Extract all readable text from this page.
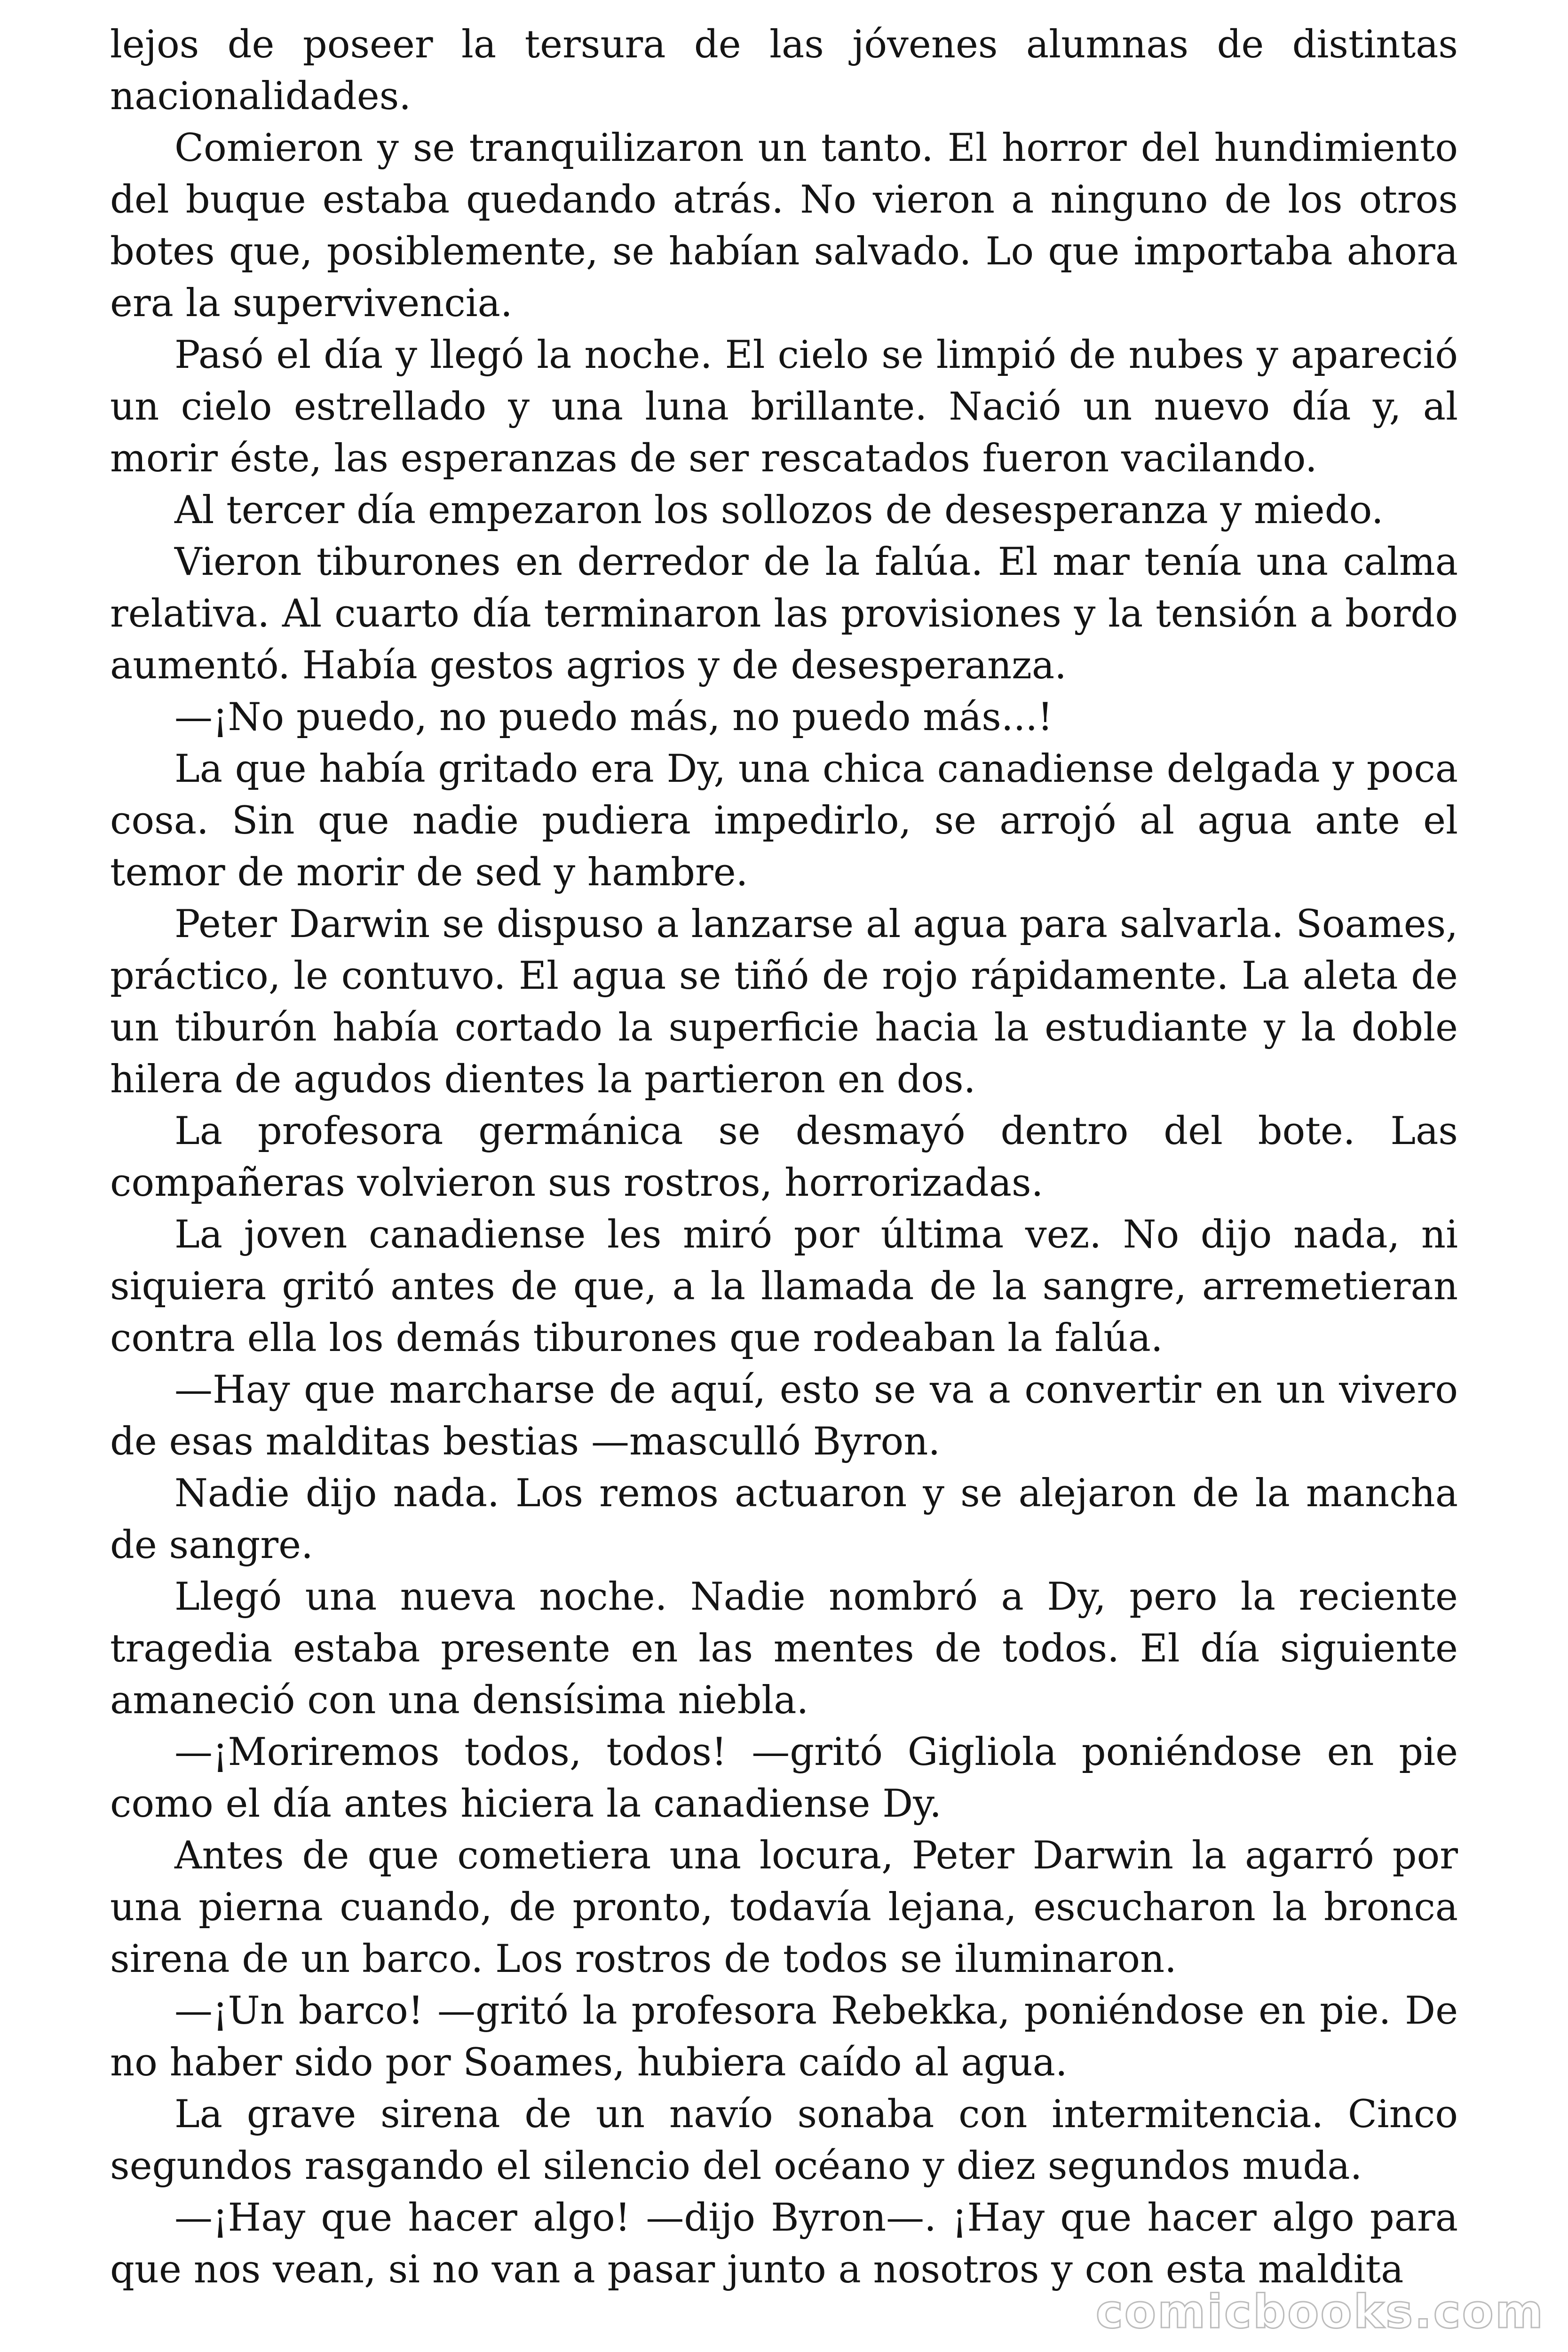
lejos de poseer la tersura de las jóvenes alumnas de distintas nacionalidades.

Comieron y se tranquilizaron un tanto. El horror del hundimiento del buque estaba quedando atrás. No vieron a ninguno de los otros botes que, posiblemente, se habían salvado. Lo que importaba ahora era la supervivencia.

Pasó el día y llegó la noche. El cielo se limpió de nubes y apareció un cielo estrellado y una luna brillante. Nació un nuevo día y, al morir éste, las esperanzas de ser rescatados fueron vacilando.

Al tercer día empezaron los sollozos de desesperanza y miedo.

Vieron tiburones en derredor de la falúa. El mar tenía una calma relativa. Al cuarto día terminaron las provisiones y la tensión a bordo aumentó. Había gestos agrios y de desesperanza.

—¡No puedo, no puedo más, no puedo más...!

La que había gritado era Dy, una chica canadiense delgada y poca cosa. Sin que nadie pudiera impedirlo, se arrojó al agua ante el temor de morir de sed y hambre.

Peter Darwin se dispuso a lanzarse al agua para salvarla. Soames, práctico, le contuvo. El agua se tiñó de rojo rápidamente. La aleta de un tiburón había cortado la superficie hacia la estudiante y la doble hilera de agudos dientes la partieron en dos.

La profesora germánica se desmayó dentro del bote. Las compañeras volvieron sus rostros, horrorizadas.

La joven canadiense les miró por última vez. No dijo nada, ni siquiera gritó antes de que, a la llamada de la sangre, arremetieran contra ella los demás tiburones que rodeaban la falúa.

—Hay que marcharse de aquí, esto se va a convertir en un vivero de esas malditas bestias —masculló Byron.

Nadie dijo nada. Los remos actuaron y se alejaron de la mancha de sangre.

Llegó una nueva noche. Nadie nombró a Dy, pero la reciente tragedia estaba presente en las mentes de todos. El día siguiente amaneció con una densísima niebla.

—¡Moriremos todos, todos! —gritó Gigliola poniéndose en pie como el día antes hiciera la canadiense Dy.

Antes de que cometiera una locura, Peter Darwin la agarró por una pierna cuando, de pronto, todavía lejana, escucharon la bronca sirena de un barco. Los rostros de todos se iluminaron.

—¡Un barco! —gritó la profesora Rebekka, poniéndose en pie. De no haber sido por Soames, hubiera caído al agua.

La grave sirena de un navío sonaba con intermitencia. Cinco segundos rasgando el silencio del océano y diez segundos muda.

—¡Hay que hacer algo! —dijo Byron—. ¡Hay que hacer algo para que nos vean, si no van a pasar junto a nosotros y con esta maldita

comicbooks.com
